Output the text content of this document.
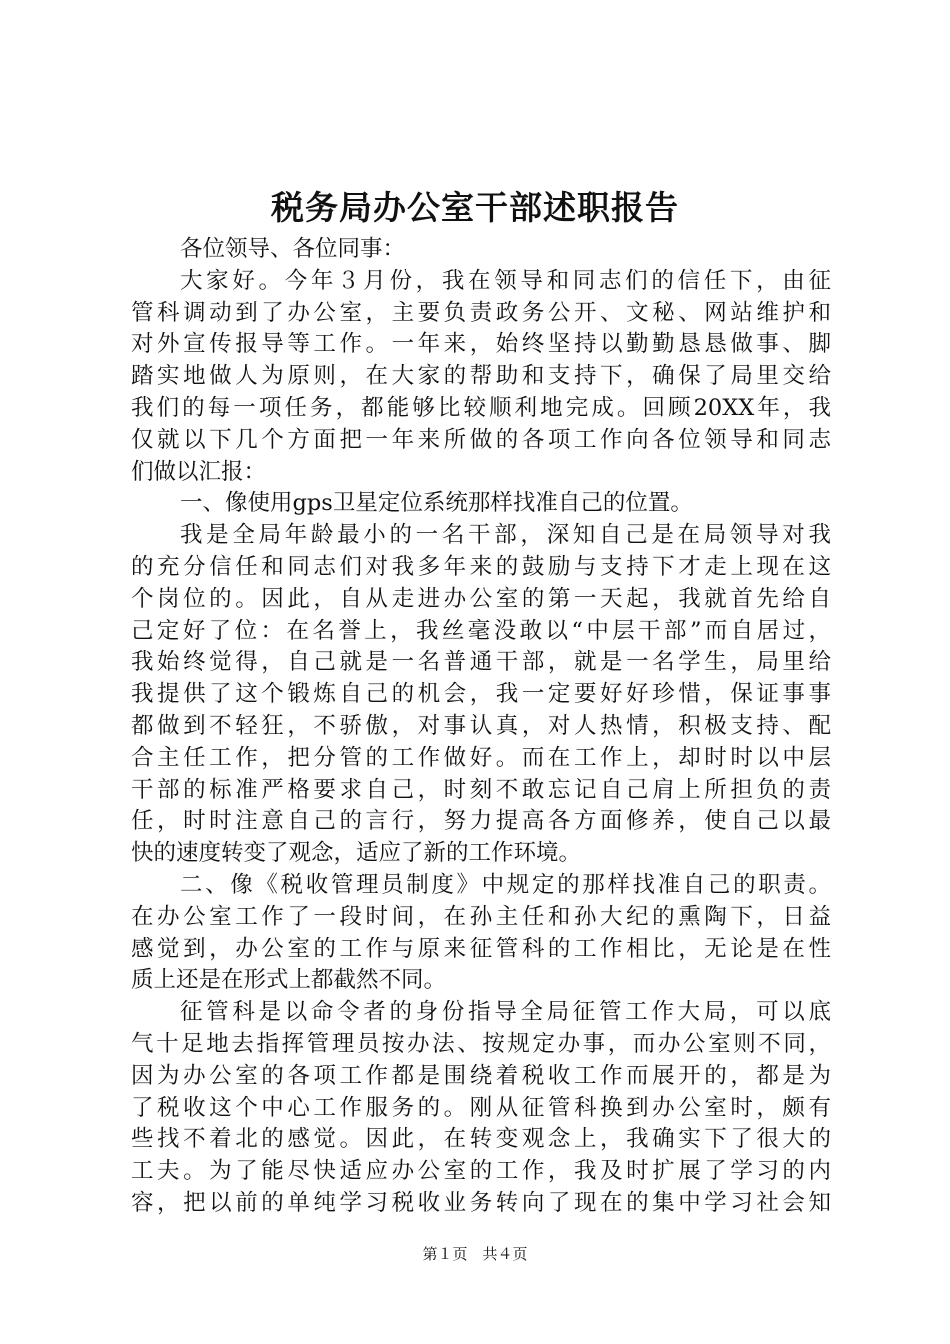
税务局办公室干部述职报告
各位领导、各位同事：
大家好。今年３月份，我在领导和同志们的信任下，由征
管科调动到了办公室，主要负责政务公开、文秘、网站维护和
对外宣传报导等工作。一年来，始终坚持以勤勤恳恳做事、脚
踏实地做人为原则，在大家的帮助和支持下，确保了局里交给
我们的每一项任务，都能够比较顺利地完成。回顾20XX年，我
仅就以下几个方面把一年来所做的各项工作向各位领导和同志
们做以汇报：
一、像使用gps卫星定位系统那样找准自己的位置。
我是全局年龄最小的一名干部，深知自己是在局领导对我
的充分信任和同志们对我多年来的鼓励与支持下才走上现在这
个岗位的。因此，自从走进办公室的第一天起，我就首先给自
己定好了位：在名誉上，我丝毫没敢以“中层干部”而自居过，
我始终觉得，自己就是一名普通干部，就是一名学生，局里给
我提供了这个锻炼自己的机会，我一定要好好珍惜，保证事事
都做到不轻狂，不骄傲，对事认真，对人热情，积极支持、配
合主任工作，把分管的工作做好。而在工作上，却时时以中层
干部的标准严格要求自己，时刻不敢忘记自己肩上所担负的责
任，时时注意自己的言行，努力提高各方面修养，使自己以最
快的速度转变了观念，适应了新的工作环境。
二、像《税收管理员制度》中规定的那样找准自己的职责。
在办公室工作了一段时间，在孙主任和孙大纪的熏陶下，日益
感觉到，办公室的工作与原来征管科的工作相比，无论是在性
质上还是在形式上都截然不同。
征管科是以命令者的身份指导全局征管工作大局，可以底
气十足地去指挥管理员按办法、按规定办事，而办公室则不同，
因为办公室的各项工作都是围绕着税收工作而展开的，都是为
了税收这个中心工作服务的。刚从征管科换到办公室时，颇有
些找不着北的感觉。因此，在转变观念上，我确实下了很大的
工夫。为了能尽快适应办公室的工作，我及时扩展了学习的内
容，把以前的单纯学习税收业务转向了现在的集中学习社会知
第１页　共４页
